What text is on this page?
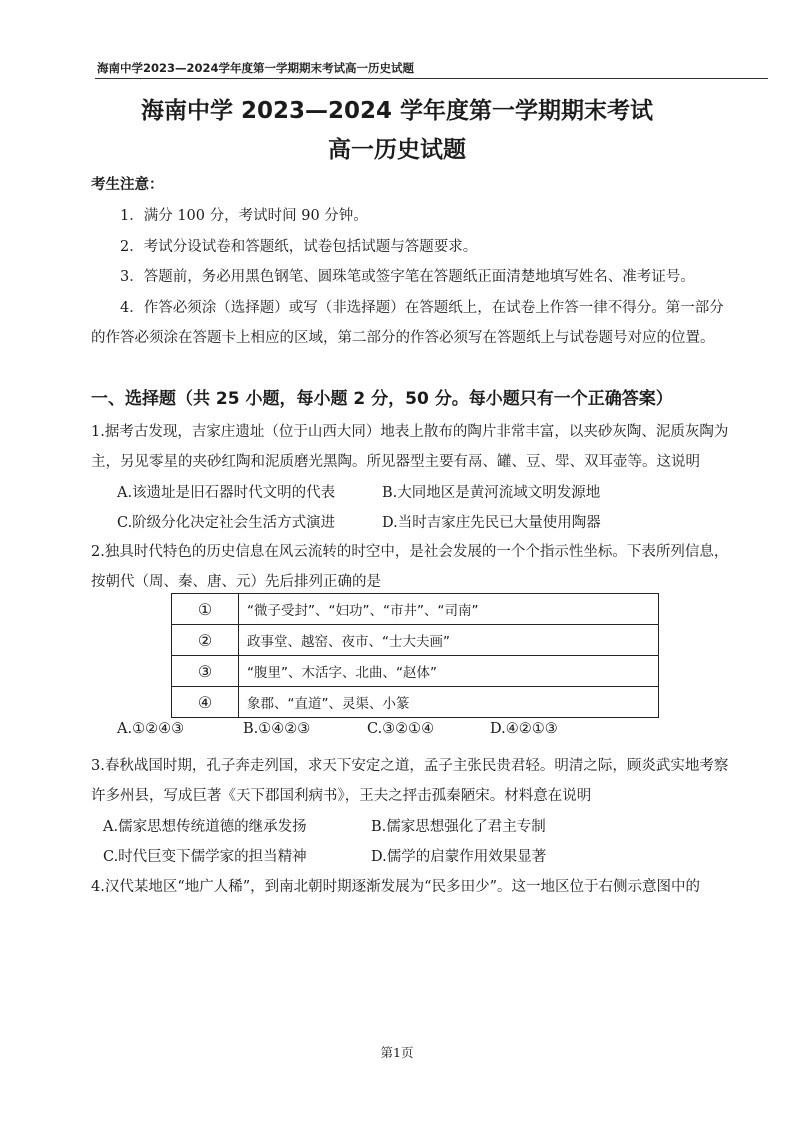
海南中学2023—2024学年度第一学期期末考试高一历史试题
海南中学 2023—2024 学年度第一学期期末考试
高一历史试题
考生注意：
1．满分 100 分，考试时间 90 分钟。
2．考试分设试卷和答题纸，试卷包括试题与答题要求。
3．答题前，务必用黑色钢笔、圆珠笔或签字笔在答题纸正面清楚地填写姓名、准考证号。
4．作答必须涂（选择题）或写（非选择题）在答题纸上，在试卷上作答一律不得分。第一部分
的作答必须涂在答题卡上相应的区域，第二部分的作答必须写在答题纸上与试卷题号对应的位置。
一、选择题（共 25 小题，每小题 2 分，50 分。每小题只有一个正确答案）
1.据考古发现，吉家庄遗址（位于山西大同）地表上散布的陶片非常丰富，以夹砂灰陶、泥质灰陶为
主，另见零星的夹砂红陶和泥质磨光黑陶。所见器型主要有鬲、罐、豆、斝、双耳壶等。这说明
A.该遗址是旧石器时代文明的代表	B.大同地区是黄河流域文明发源地
C.阶级分化决定社会生活方式演进	D.当时吉家庄先民已大量使用陶器
2.独具时代特色的历史信息在风云流转的时空中，是社会发展的一个个指示性坐标。下表所列信息，
按朝代（周、秦、唐、元）先后排列正确的是
①	“微子受封”、“妇功”、“市井”、“司南”
②	政事堂、越窑、夜市、“士大夫画”
③	“腹里”、木活字、北曲、“赵体”
④	象郡、“直道”、灵渠、小篆
A.①②④③	B.①④②③	C.③②①④	D.④②①③
3.春秋战国时期，孔子奔走列国，求天下安定之道，孟子主张民贵君轻。明清之际，顾炎武实地考察
许多州县，写成巨著《天下郡国利病书》，王夫之抨击孤秦陋宋。材料意在说明
A.儒家思想传统道德的继承发扬	B.儒家思想强化了君主专制
C.时代巨变下儒学家的担当精神	D.儒学的启蒙作用效果显著
4.汉代某地区“地广人稀”，到南北朝时期逐渐发展为“民多田少”。这一地区位于右侧示意图中的
第1页
